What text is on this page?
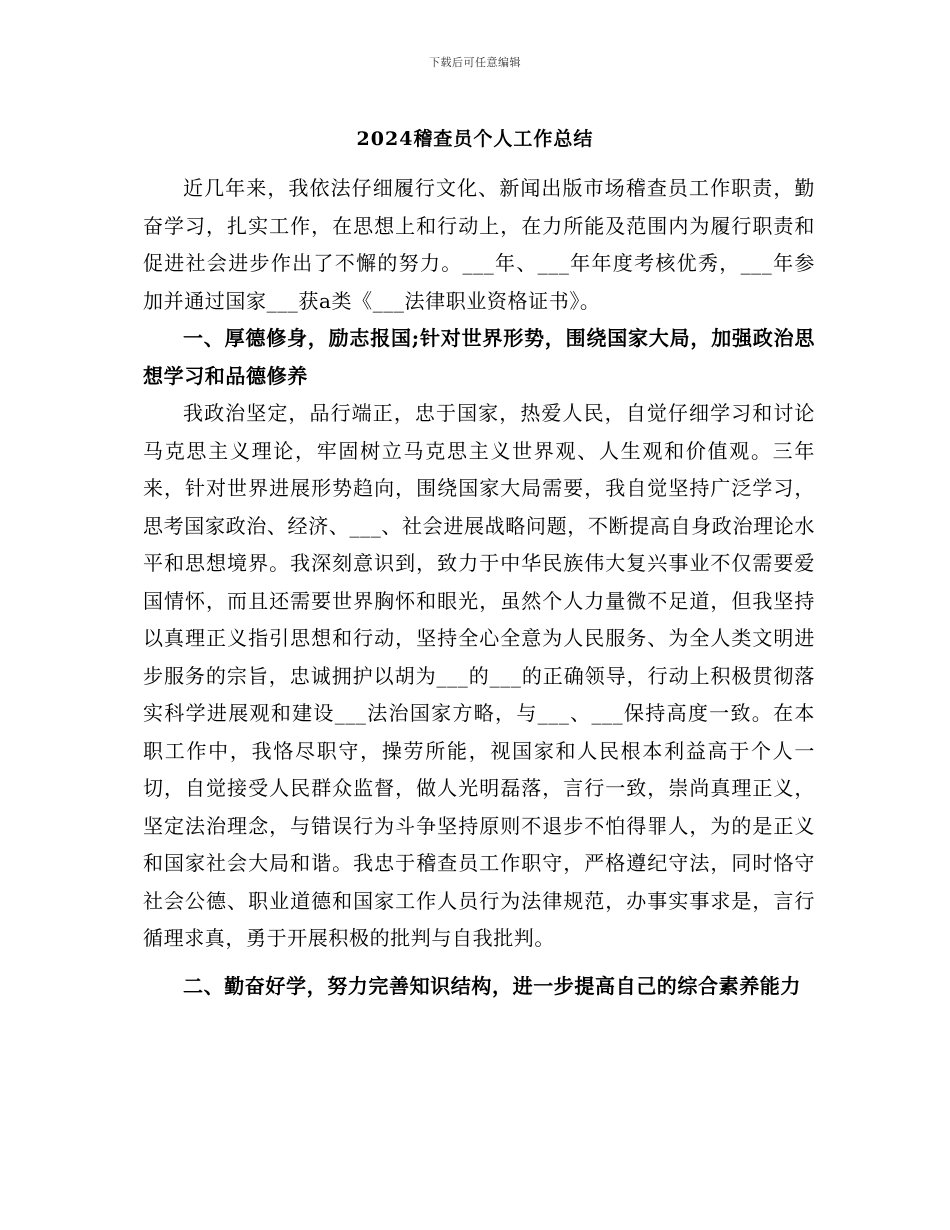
下载后可任意编辑
2024稽查员个人工作总结

近几年来，我依法仔细履行文化、新闻出版市场稽查员工作职责，勤奋学习，扎实工作，在思想上和行动上，在力所能及范围内为履行职责和促进社会进步作出了不懈的努力。___年、___年年度考核优秀，___年参加并通过国家___获a类《___法律职业资格证书》。

一、厚德修身，励志报国;针对世界形势，围绕国家大局，加强政治思想学习和品德修养

我政治坚定，品行端正，忠于国家，热爱人民，自觉仔细学习和讨论马克思主义理论，牢固树立马克思主义世界观、人生观和价值观。三年来，针对世界进展形势趋向，围绕国家大局需要，我自觉坚持广泛学习，思考国家政治、经济、___、社会进展战略问题，不断提高自身政治理论水平和思想境界。我深刻意识到，致力于中华民族伟大复兴事业不仅需要爱国情怀，而且还需要世界胸怀和眼光，虽然个人力量微不足道，但我坚持以真理正义指引思想和行动，坚持全心全意为人民服务、为全人类文明进步服务的宗旨，忠诚拥护以胡为___的___的正确领导，行动上积极贯彻落实科学进展观和建设___法治国家方略，与___、___保持高度一致。在本职工作中，我恪尽职守，操劳所能，视国家和人民根本利益高于个人一切，自觉接受人民群众监督，做人光明磊落，言行一致，崇尚真理正义，坚定法治理念，与错误行为斗争坚持原则不退步不怕得罪人，为的是正义和国家社会大局和谐。我忠于稽查员工作职守，严格遵纪守法，同时恪守社会公德、职业道德和国家工作人员行为法律规范，办事实事求是，言行循理求真，勇于开展积极的批判与自我批判。

二、勤奋好学，努力完善知识结构，进一步提高自己的综合素养能力
